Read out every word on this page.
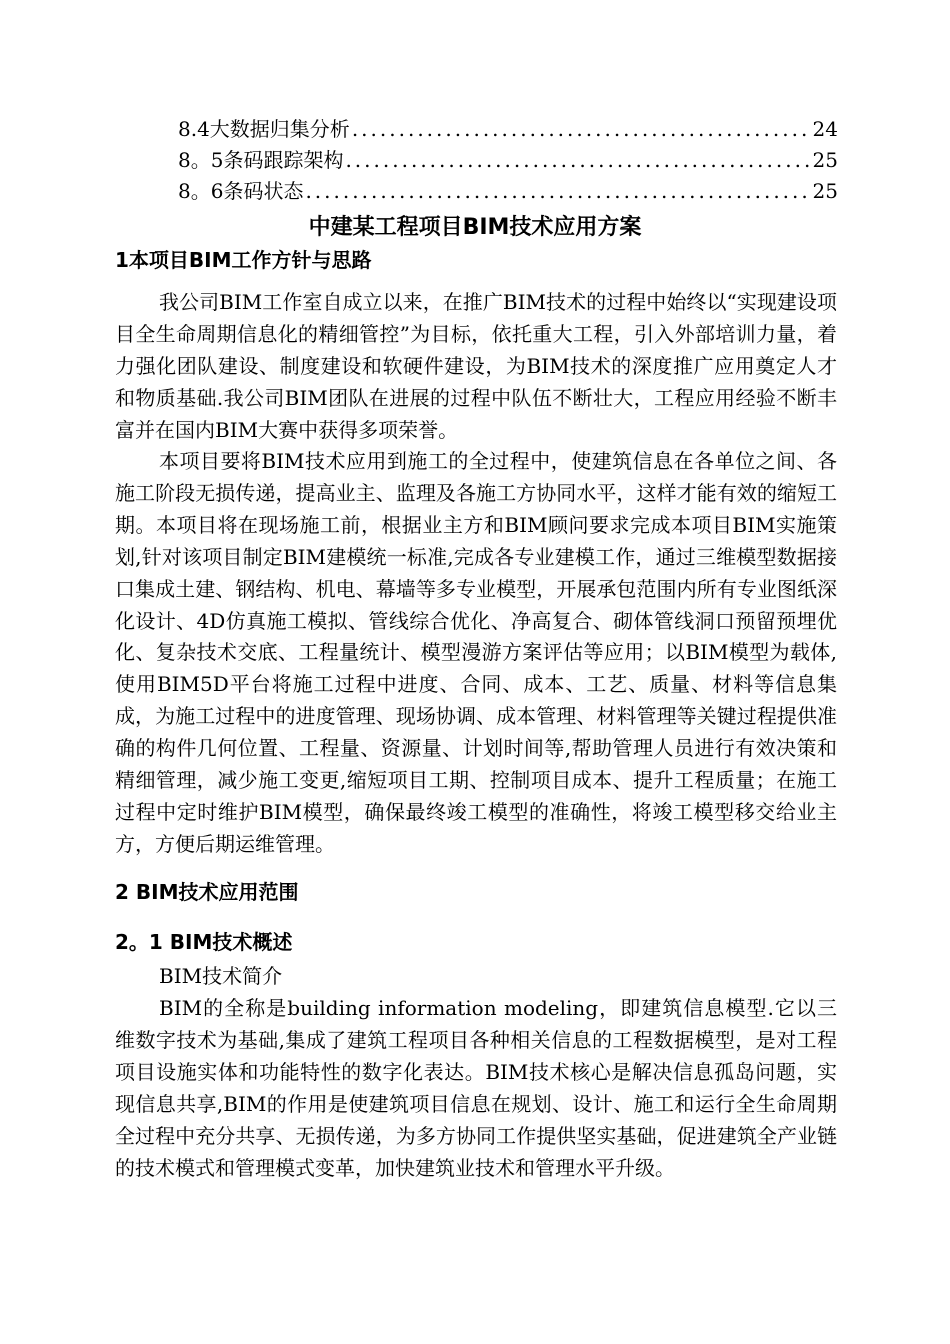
8.4大数据归集分析 .....	24
8。5条码跟踪架构 .....	25
8。6条码状态 .....	25
中建某工程项目BIM技术应用方案
1本项目BIM工作方针与思路

我公司BIM工作室自成立以来，在推广BIM技术的过程中始终以“实现建设项目全生命周期信息化的精细管控”为目标，依托重大工程，引入外部培训力量，着力强化团队建设、制度建设和软硬件建设，为BIM技术的深度推广应用奠定人才和物质基础.我公司BIM团队在进展的过程中队伍不断壮大，工程应用经验不断丰富并在国内BIM大赛中获得多项荣誉。

本项目要将BIM技术应用到施工的全过程中，使建筑信息在各单位之间、各施工阶段无损传递，提高业主、监理及各施工方协同水平，这样才能有效的缩短工期。本项目将在现场施工前，根据业主方和BIM顾问要求完成本项目BIM实施策划,针对该项目制定BIM建模统一标准,完成各专业建模工作，通过三维模型数据接口集成土建、钢结构、机电、幕墙等多专业模型，开展承包范围内所有专业图纸深化设计、4D仿真施工模拟、管线综合优化、净高复合、砌体管线洞口预留预埋优化、复杂技术交底、工程量统计、模型漫游方案评估等应用；以BIM模型为载体,使用BIM5D平台将施工过程中进度、合同、成本、工艺、质量、材料等信息集成，为施工过程中的进度管理、现场协调、成本管理、材料管理等关键过程提供准确的构件几何位置、工程量、资源量、计划时间等,帮助管理人员进行有效决策和精细管理，减少施工变更,缩短项目工期、控制项目成本、提升工程质量；在施工过程中定时维护BIM模型，确保最终竣工模型的准确性，将竣工模型移交给业主方，方便后期运维管理。

2 BIM技术应用范围
2。1 BIM技术概述
BIM技术简介

BIM的全称是building information modeling，即建筑信息模型.它以三维数字技术为基础,集成了建筑工程项目各种相关信息的工程数据模型，是对工程项目设施实体和功能特性的数字化表达。BIM技术核心是解决信息孤岛问题，实现信息共享,BIM的作用是使建筑项目信息在规划、设计、施工和运行全生命周期全过程中充分共享、无损传递，为多方协同工作提供坚实基础，促进建筑全产业链的技术模式和管理模式变革，加快建筑业技术和管理水平升级。
